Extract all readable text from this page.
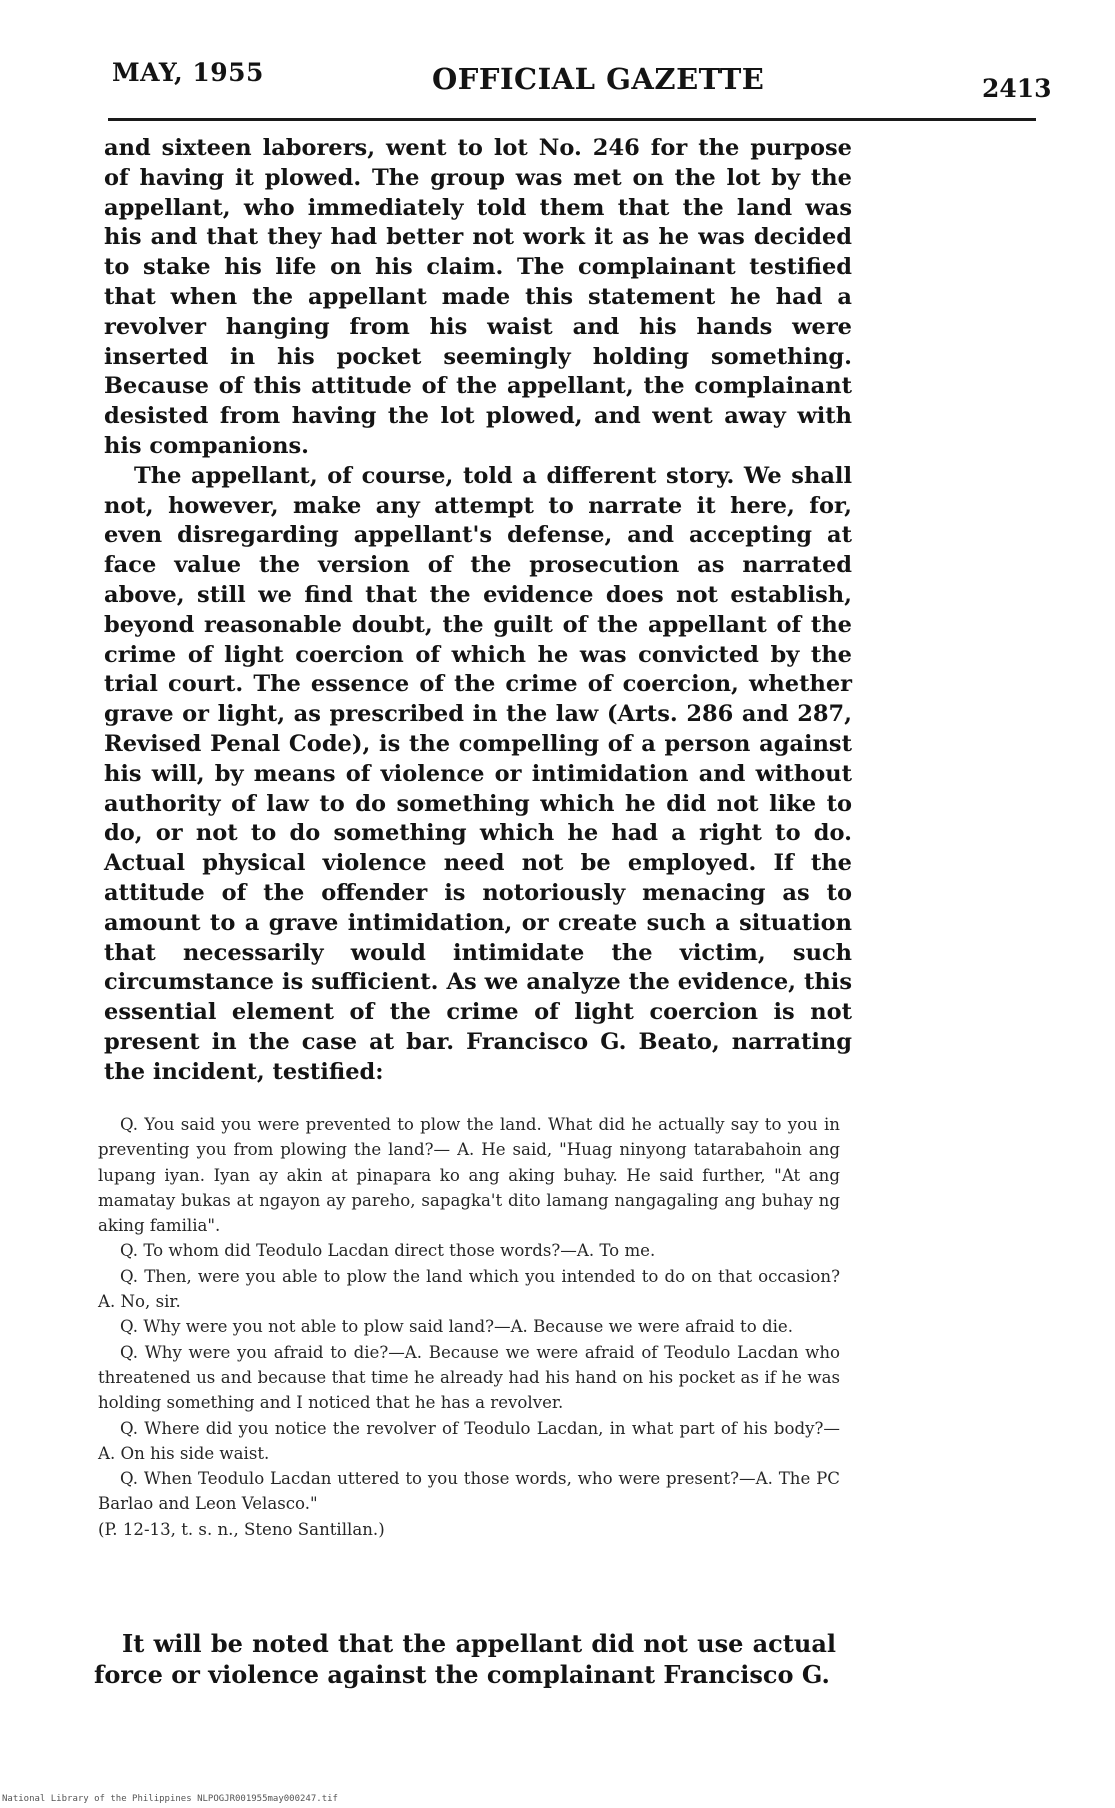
MAY, 1955	OFFICIAL GAZETTE	2413

and sixteen laborers, went to lot No. 246 for the purpose of having it plowed. The group was met on the lot by the appellant, who immediately told them that the land was his and that they had better not work it as he was decided to stake his life on his claim. The complainant testified that when the appellant made this statement he had a revolver hanging from his waist and his hands were inserted in his pocket seemingly holding something. Because of this attitude of the appellant, the complainant desisted from having the lot plowed, and went away with his companions.

The appellant, of course, told a different story. We shall not, however, make any attempt to narrate it here, for, even disregarding appellant's defense, and accepting at face value the version of the prosecution as narrated above, still we find that the evidence does not establish, beyond reasonable doubt, the guilt of the appellant of the crime of light coercion of which he was convicted by the trial court. The essence of the crime of coercion, whether grave or light, as prescribed in the law (Arts. 286 and 287, Revised Penal Code), is the compelling of a person against his will, by means of violence or intimidation and without authority of law to do something which he did not like to do, or not to do something which he had a right to do. Actual physical violence need not be employed. If the attitude of the offender is notoriously menacing as to amount to a grave intimidation, or create such a situation that necessarily would intimidate the victim, such circumstance is sufficient. As we analyze the evidence, this essential element of the crime of light coercion is not present in the case at bar. Francisco G. Beato, narrating the incident, testified:

Q. You said you were prevented to plow the land. What did he actually say to you in preventing you from plowing the land?— A. He said, "Huag ninyong tatarabahoin ang lupang iyan. Iyan ay akin at pinapara ko ang aking buhay. He said further, "At ang mamatay bukas at ngayon ay pareho, sapagka't dito lamang nangagaling ang buhay ng aking familia".

Q. To whom did Teodulo Lacdan direct those words?—A. To me.

Q. Then, were you able to plow the land which you intended to do on that occasion? A. No, sir.

Q. Why were you not able to plow said land?—A. Because we were afraid to die.

Q. Why were you afraid to die?—A. Because we were afraid of Teodulo Lacdan who threatened us and because that time he already had his hand on his pocket as if he was holding something and I noticed that he has a revolver.

Q. Where did you notice the revolver of Teodulo Lacdan, in what part of his body?— A. On his side waist.

Q. When Teodulo Lacdan uttered to you those words, who were present?—A. The PC Barlao and Leon Velasco."

(P. 12-13, t. s. n., Steno Santillan.)

It will be noted that the appellant did not use actual force or violence against the complainant Francisco G.

National Library of the Philippines NLPOGJR001955may000247.tif
